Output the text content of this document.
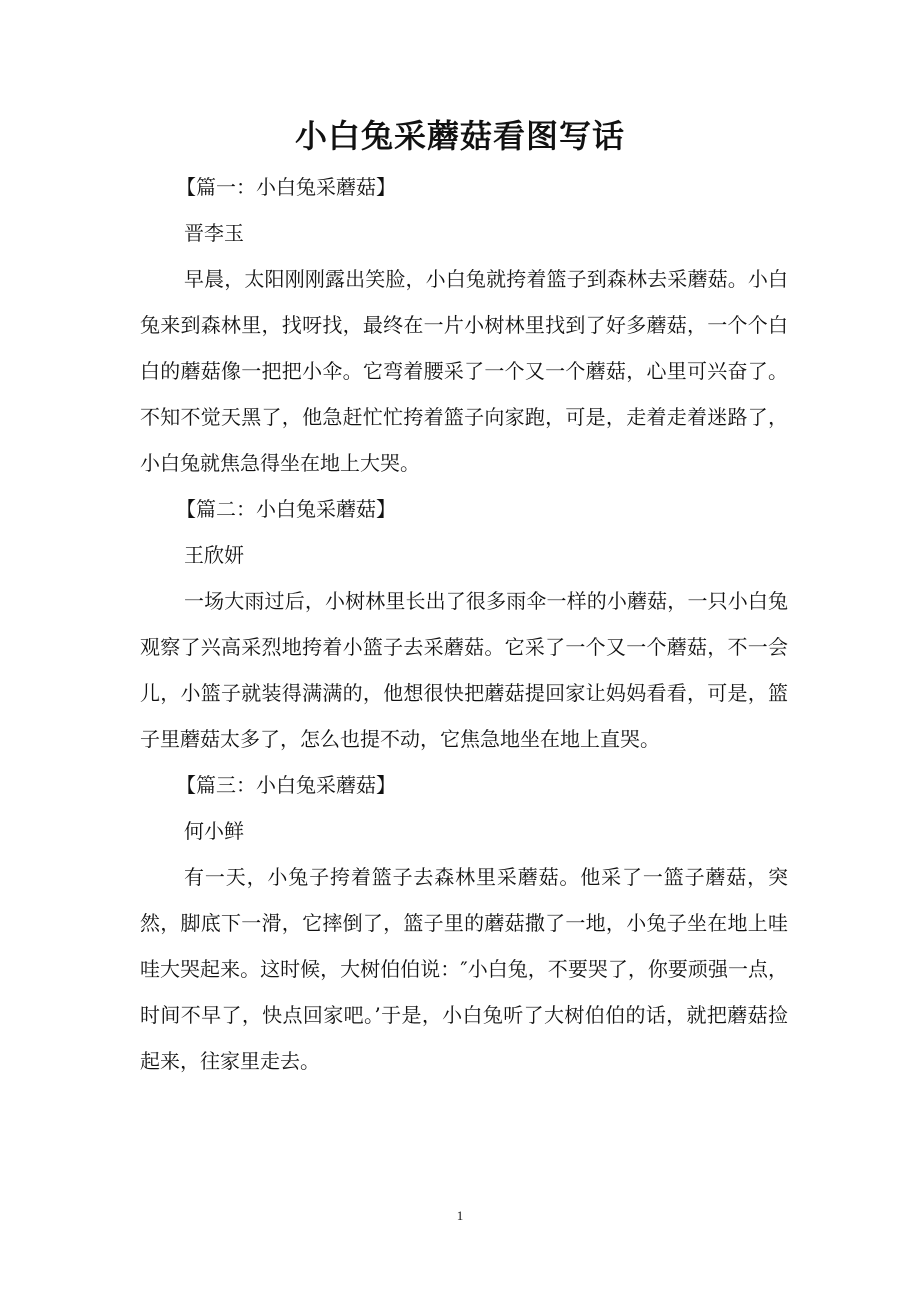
小白兔采蘑菇看图写话

【篇一：小白兔采蘑菇】

晋李玉

早晨，太阳刚刚露出笑脸，小白兔就挎着篮子到森林去采蘑菇。小白兔来到森林里，找呀找，最终在一片小树林里找到了好多蘑菇，一个个白白的蘑菇像一把把小伞。它弯着腰采了一个又一个蘑菇，心里可兴奋了。不知不觉天黑了，他急赶忙忙挎着篮子向家跑，可是，走着走着迷路了，小白兔就焦急得坐在地上大哭。

【篇二：小白兔采蘑菇】

王欣妍

一场大雨过后，小树林里长出了很多雨伞一样的小蘑菇，一只小白兔观察了兴高采烈地挎着小篮子去采蘑菇。它采了一个又一个蘑菇，不一会儿，小篮子就装得满满的，他想很快把蘑菇提回家让妈妈看看，可是，篮子里蘑菇太多了，怎么也提不动，它焦急地坐在地上直哭。

【篇三：小白兔采蘑菇】

何小鲜

有一天，小兔子挎着篮子去森林里采蘑菇。他采了一篮子蘑菇，突然，脚底下一滑，它摔倒了，篮子里的蘑菇撒了一地，小兔子坐在地上哇哇大哭起来。这时候，大树伯伯说：″小白兔，不要哭了，你要顽强一点，时间不早了，快点回家吧。’于是，小白兔听了大树伯伯的话，就把蘑菇捡起来，往家里走去。

1
